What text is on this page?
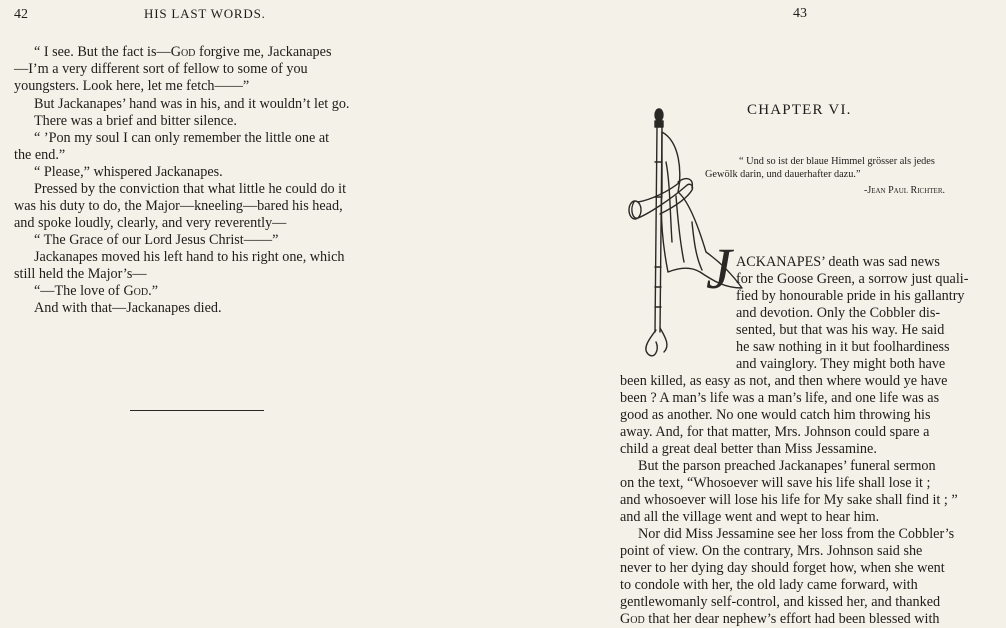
42	HIS LAST WORDS.
“ I see. But the fact is—God forgive me, Jackanapes
—I’m a very different sort of fellow to some of you
youngsters. Look here, let me fetch——”
But Jackanapes’ hand was in his, and it wouldn’t let go.
There was a brief and bitter silence.
“ ’Pon my soul I can only remember the little one at
the end.”
“ Please,” whispered Jackanapes.
Pressed by the conviction that what little he could do it
was his duty to do, the Major—kneeling—bared his head,
and spoke loudly, clearly, and very reverently—
“ The Grace of our Lord Jesus Christ——”
Jackanapes moved his left hand to his right one, which
still held the Major’s—
“—The love of God.”
And with that—Jackanapes died.
43
CHAPTER VI.
“ Und so ist der blaue Himmel grösser als jedes
Gewölk darin, und dauerhafter dazu.”
-Jean Paul Richter.
J ACKANAPES’ death was sad news
for the Goose Green, a sorrow just quali-
fied by honourable pride in his gallantry
and devotion. Only the Cobbler dis-
sented, but that was his way. He said
he saw nothing in it but foolhardiness
and vainglory. They might both have
been killed, as easy as not, and then where would ye have
been ? A man’s life was a man’s life, and one life was as
good as another. No one would catch him throwing his
away. And, for that matter, Mrs. Johnson could spare a
child a great deal better than Miss Jessamine.
But the parson preached Jackanapes’ funeral sermon
on the text, “Whosoever will save his life shall lose it ;
and whosoever will lose his life for My sake shall find it ; ”
and all the village went and wept to hear him.
Nor did Miss Jessamine see her loss from the Cobbler’s
point of view. On the contrary, Mrs. Johnson said she
never to her dying day should forget how, when she went
to condole with her, the old lady came forward, with
gentlewomanly self-control, and kissed her, and thanked
God that her dear nephew’s effort had been blessed with
